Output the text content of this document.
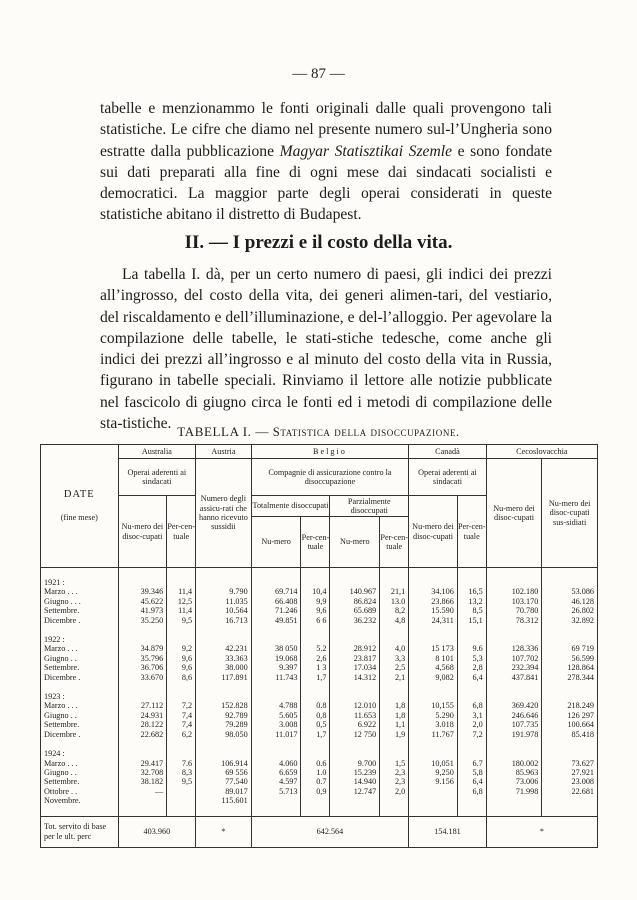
— 87 —

tabelle e menzionammo le fonti originali dalle quali provengono tali statistiche. Le cifre che diamo nel presente numero sul-l’Ungheria sono estratte dalla pubblicazione Magyar Statisztikai Szemle e sono fondate sui dati preparati alla fine di ogni mese dai sindacati socialisti e democratici. La maggior parte degli operai considerati in queste statistiche abitano il distretto di Budapest.

II. — I prezzi e il costo della vita.

La tabella I. dà, per un certo numero di paesi, gli indici dei prezzi all’ingrosso, del costo della vita, dei generi alimen-tari, del vestiario, del riscaldamento e dell’illuminazione, e del-l’alloggio. Per agevolare la compilazione delle tabelle, le stati-stiche tedesche, come anche gli indici dei prezzi all’ingrosso e al minuto del costo della vita in Russia, figurano in tabelle speciali. Rinviamo il lettore alle notizie pubblicate nel fascicolo di giugno circa le fonti ed i metodi di compilazione delle sta-tistiche. TABELLA I. — Statistica della disoccupazione.
DATE
(fine mese)	Australia		Austria	Belgio				Canadà		Cecoslovacchia	
	Operai aderenti ai sindacati		Numero degli assicu-rati che hanno ricevuto sussidii	Compagnie di assicurazione contro la disoccupazione				Operai aderenti ai sindacati		Nu-mero dei disoc-cupati	Nu-mero dei disoc-cupati sus-sidiati
	Nu-mero dei disoc-cupati	Per-cen-tuale		Totalmente disoccupati		Parzialmente disoccupati		Nu-mero dei disoc-cupati	Per-cen-tuale		
				Nu-mero	Per-cen-tuale	Nu-mero	Per-cen-tuale				

1921 :											
Marzo . . .	39.346	11,4	9.790	69.714	10,4	140.967	21,1	34.106	16,5	102.180	53.086
Giugno . . .	45.622	12,5	11.035	66.408	9,9	86.824	13.0	23.866	13,2	103.170	46.128
Settembre.	41.973	11,4	10.564	71.246	9,6	65.689	8,2	15.590	8,5	70.780	26.802
Dicembre .	35.250	9,5	16.713	49.851	6 6	36.232	4,8	24,311	15,1	78.312	32.892

1922 :											
Marzo . . .	34.879	9,2	42.231	38 050	5.2	28.912	4,0	15 173	9.6	128.336	69 719
Giugno . .	35.796	9,6	33.363	19.068	2,6	23.817	3,3	8 101	5,3	107.702	56.599
Settembre.	36.706	9,6	38.000	9.397	1 3	17.034	2,5	4,568	2,8	232.394	128.864
Dicembre .	33.670	8,6	117.891	11.743	1,7	14.312	2,1	9,082	6,4	437.841	278.344

1923 :											
Marzo . . .	27.112	7,2	152.828	4.788	0.8	12.010	1,8	10,155	6,8	369.420	218.249
Giugno . .	24.931	7,4	92.789	5.605	0,8	11.653	1,8	5.290	3,1	246.646	126 297
Settembre.	28.122	7,4	79.289	3.008	0,5	6.922	1,1	3.018	2,0	107.735	100.664
Dicembre .	22.682	6,2	98.050	11.017	1,7	12 750	1,9	11.767	7,2	191.978	85.418

1924 :											
Marzo . . .	29.417	7.6	106.914	4.060	0.6	9.700	1,5	10,051	6.7	180.002	73.627
Giugno . .	32.708	8,3	69 556	6.659	1.0	15.239	2,3	9,250	5,8	85.963	27.921
Settembre.	38.182	9,5	77.540	4.597	0.7	14.940	2,3	9.156	6,4	73.006	23.008
Ottobre . .	—		89.017	5.713	0,9	12.747	2,0		6,8	71.998	22.681
Novembre.			115.601								

Tot. servito di base per le ult. perc	403.960		*	642.564				154.181		*	
